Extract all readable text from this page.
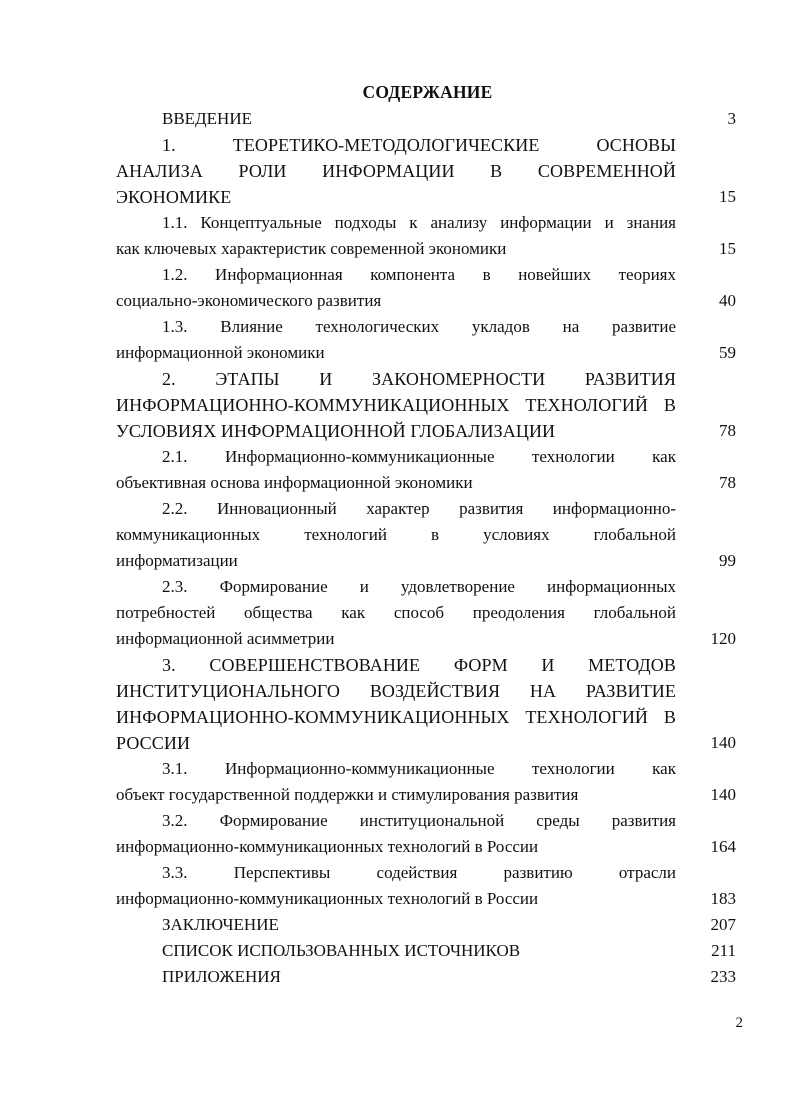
СОДЕРЖАНИЕ
ВВЕДЕНИЕ	3
1. ТЕОРЕТИКО-МЕТОДОЛОГИЧЕСКИЕ ОСНОВЫ
АНАЛИЗА РОЛИ ИНФОРМАЦИИ В СОВРЕМЕННОЙ
ЭКОНОМИКЕ	15
1.1. Концептуальные подходы к анализу информации и знания
как ключевых характеристик современной экономики	15
1.2. Информационная компонента в новейших теориях
социально-экономического развития	40
1.3. Влияние технологических укладов на развитие
информационной экономики	59
2. ЭТАПЫ И ЗАКОНОМЕРНОСТИ РАЗВИТИЯ
ИНФОРМАЦИОННО-КОММУНИКАЦИОННЫХ ТЕХНОЛОГИЙ В
УСЛОВИЯХ ИНФОРМАЦИОННОЙ ГЛОБАЛИЗАЦИИ	78
2.1. Информационно-коммуникационные технологии как
объективная основа информационной экономики	78
2.2. Инновационный характер развития информационно-
коммуникационных технологий в условиях глобальной
информатизации	99
2.3. Формирование и удовлетворение информационных
потребностей общества как способ преодоления глобальной
информационной асимметрии	120
3. СОВЕРШЕНСТВОВАНИЕ ФОРМ И МЕТОДОВ
ИНСТИТУЦИОНАЛЬНОГО ВОЗДЕЙСТВИЯ НА РАЗВИТИЕ
ИНФОРМАЦИОННО-КОММУНИКАЦИОННЫХ ТЕХНОЛОГИЙ В
РОССИИ	140
3.1. Информационно-коммуникационные технологии как
объект государственной поддержки и стимулирования развития	140
3.2. Формирование институциональной среды развития
информационно-коммуникационных технологий в России	164
3.3. Перспективы содействия развитию отрасли
информационно-коммуникационных технологий в России	183
ЗАКЛЮЧЕНИЕ	207
СПИСОК ИСПОЛЬЗОВАННЫХ ИСТОЧНИКОВ	211
ПРИЛОЖЕНИЯ	233
2
